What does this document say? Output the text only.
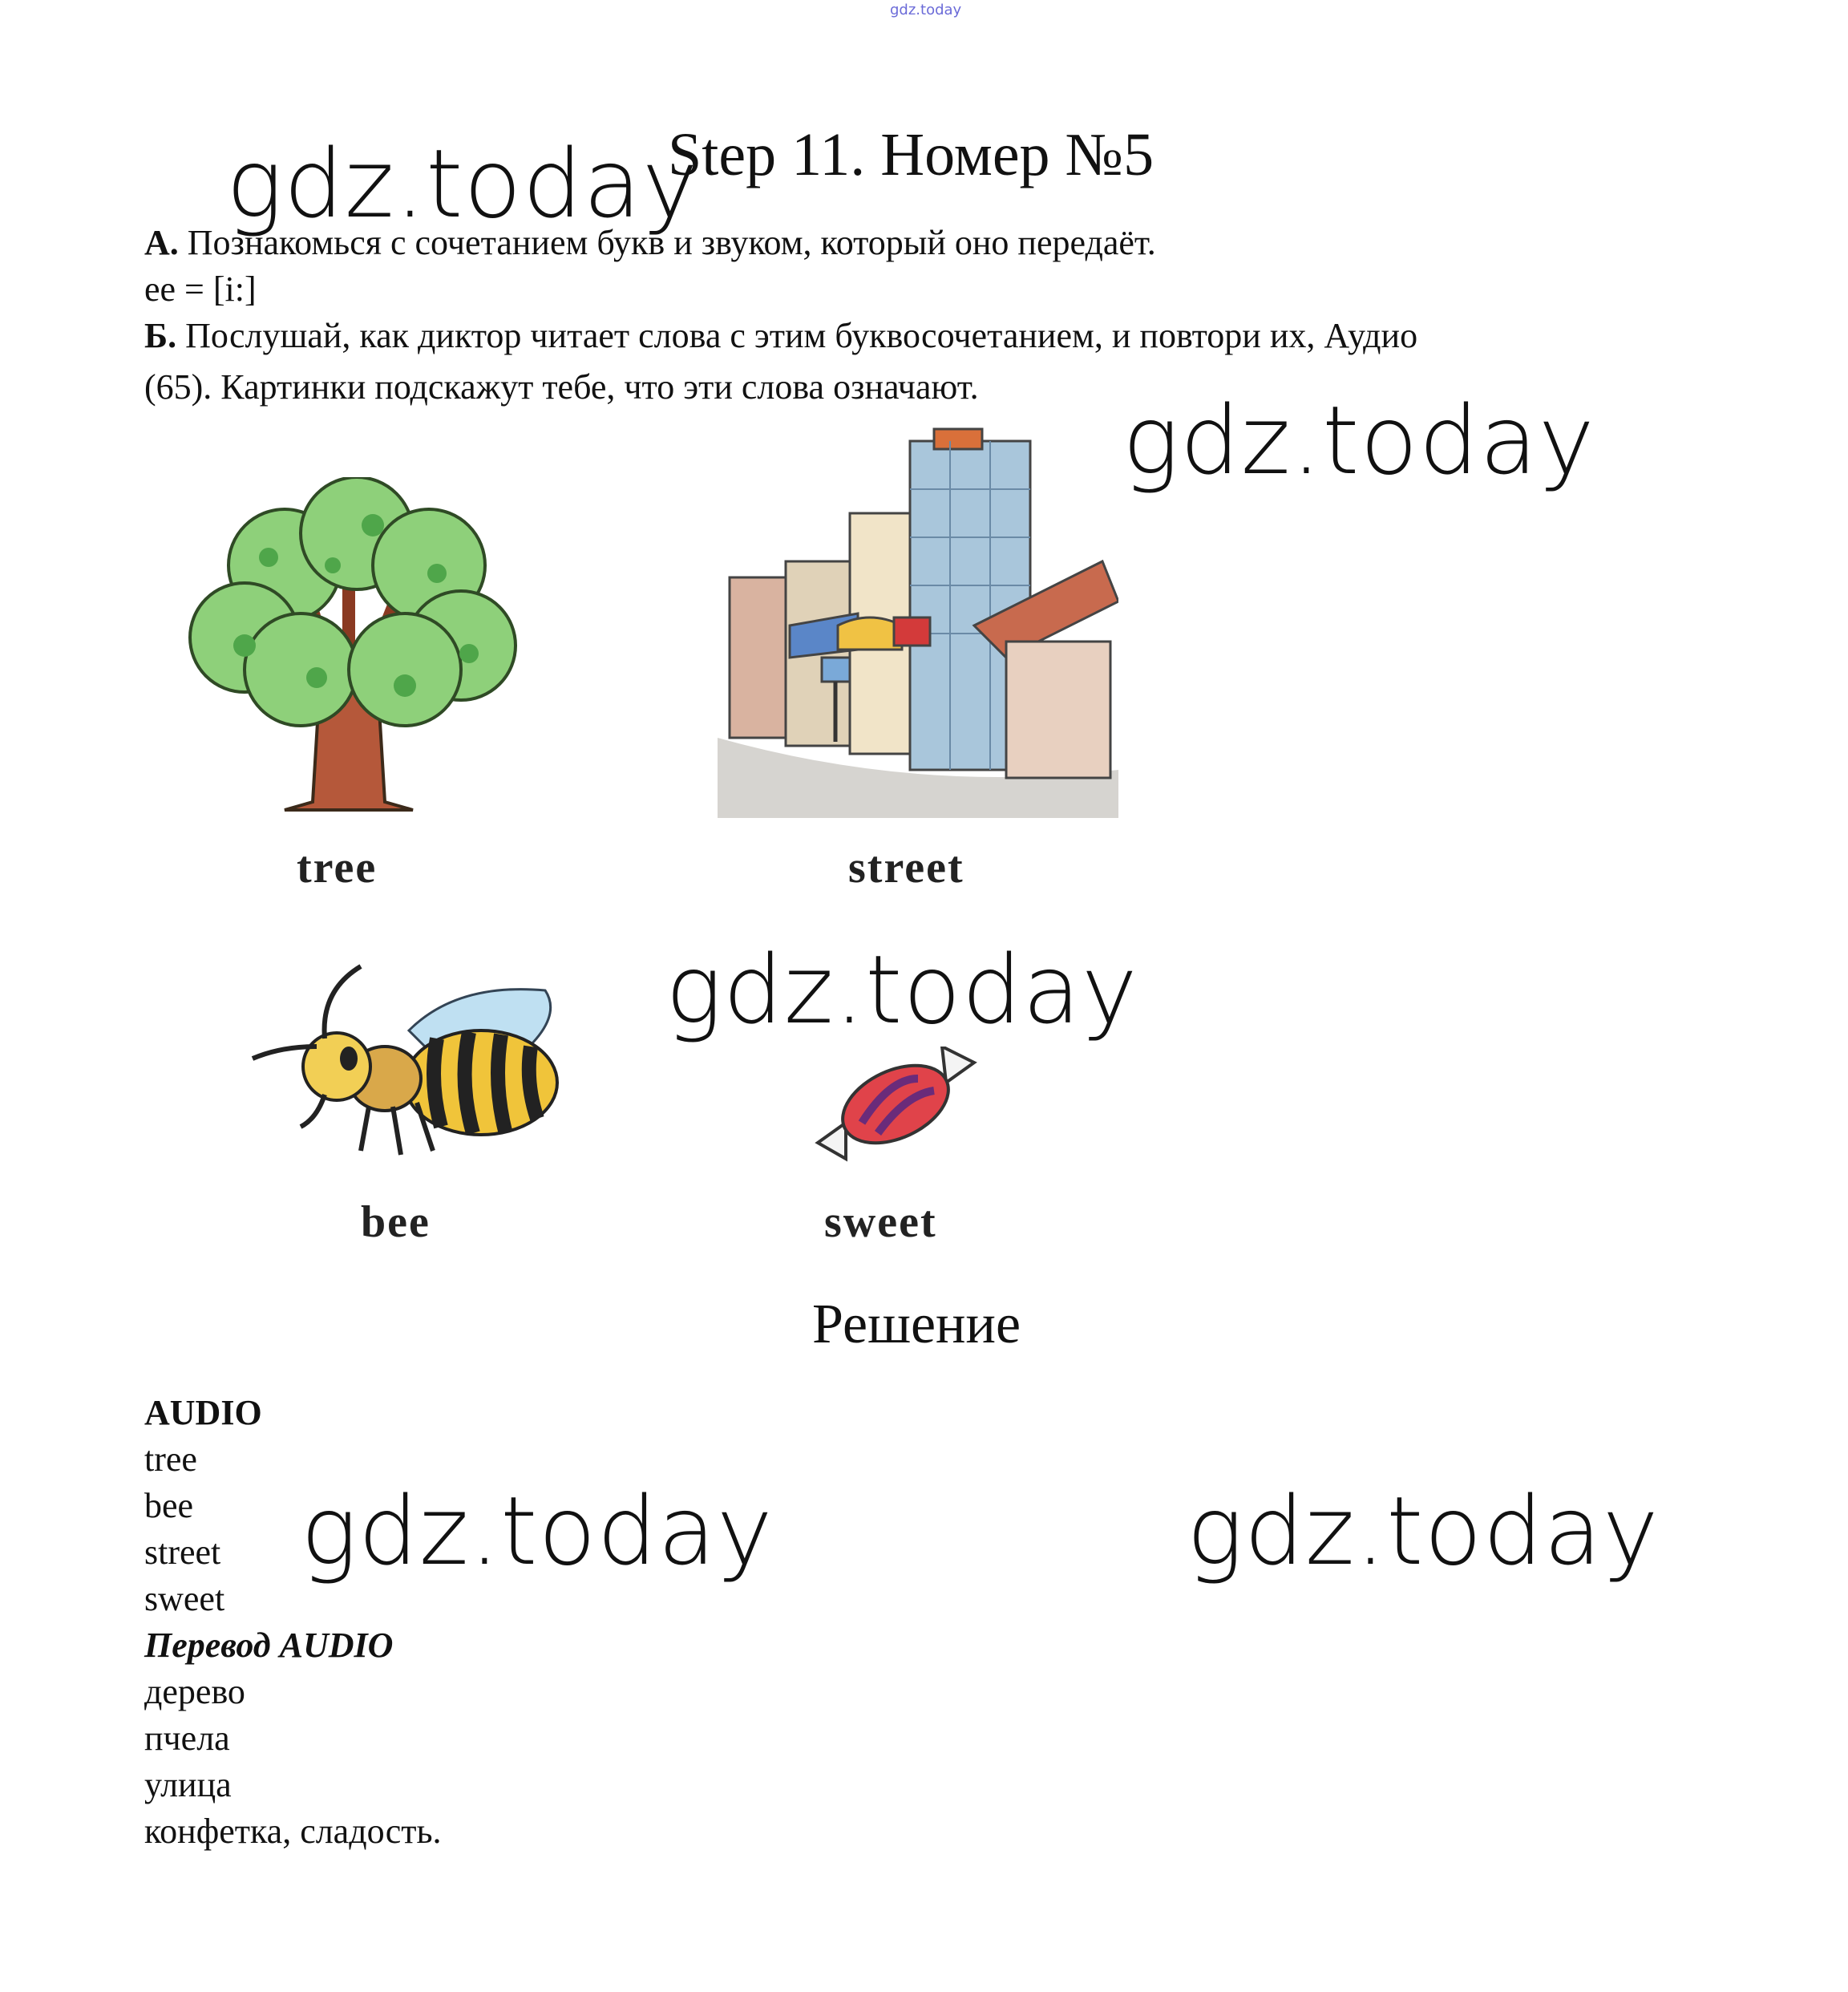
gdz.today
Step 11. Номер №5
gdz.today
gdz.today
gdz.today
gdz.today	gdz.today
А. Познакомься с сочетанием букв и звуком, который оно передаёт.
ee = [i:]
Б. Послушай, как диктор читает слова с этим буквосочетанием, и повтори их, Аудио
(65). Картинки подскажут тебе, что эти слова означают.
tree	street
bee	sweet
Решение
AUDIO
tree
bee
street
sweet
Перевод AUDIO
дерево
пчела
улица
конфетка, сладость.
